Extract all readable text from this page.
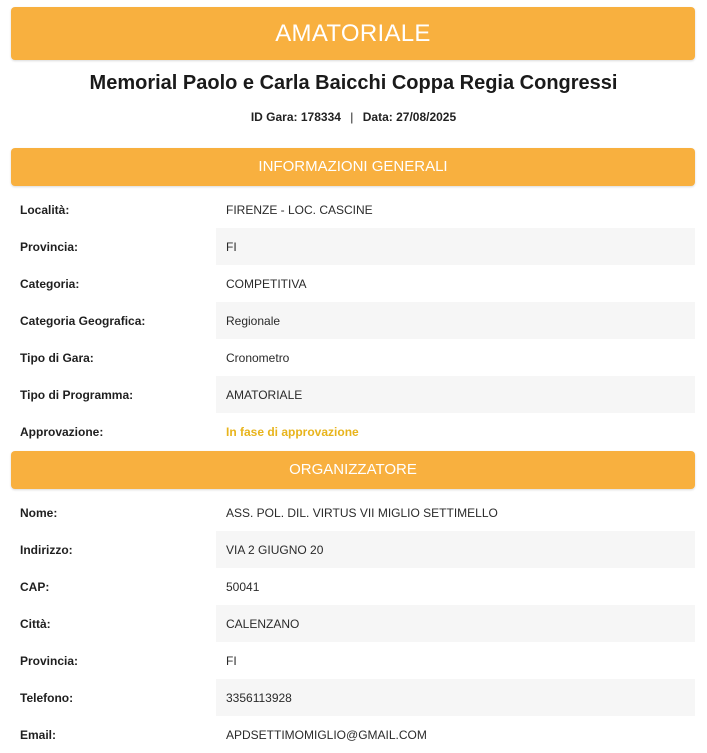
AMATORIALE
Memorial Paolo e Carla Baicchi Coppa Regia Congressi
ID Gara: 178334 | Data: 27/08/2025
INFORMAZIONI GENERALI
Località:	FIRENZE - LOC. CASCINE
Provincia:	FI
Categoria:	COMPETITIVA
Categoria Geografica:	Regionale
Tipo di Gara:	Cronometro
Tipo di Programma:	AMATORIALE
Approvazione:	In fase di approvazione
ORGANIZZATORE
Nome:	ASS. POL. DIL. VIRTUS VII MIGLIO SETTIMELLO
Indirizzo:	VIA 2 GIUGNO 20
CAP:	50041
Città:	CALENZANO
Provincia:	FI
Telefono:	3356113928
Email:	APDSETTIMOMIGLIO@GMAIL.COM
